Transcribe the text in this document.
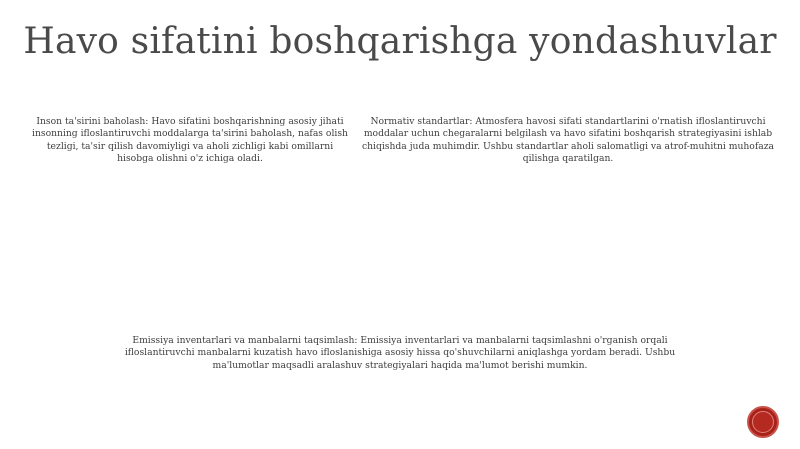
Havo sifatini boshqarishga yondashuvlar

Inson ta'sirini baholash: Havo sifatini boshqarishning asosiy jihati insonning ifloslantiruvchi moddalarga ta'sirini baholash, nafas olish tezligi, ta'sir qilish davomiyligi va aholi zichligi kabi omillarni hisobga olishni o'z ichiga oladi.

Normativ standartlar: Atmosfera havosi sifati standartlarini o'rnatish ifloslantiruvchi moddalar uchun chegaralarni belgilash va havo sifatini boshqarish strategiyasini ishlab chiqishda juda muhimdir. Ushbu standartlar aholi salomatligi va atrof-muhitni muhofaza qilishga qaratilgan.

Emissiya inventarlari va manbalarni taqsimlash: Emissiya inventarlari va manbalarni taqsimlashni o'rganish orqali ifloslantiruvchi manbalarni kuzatish havo ifloslanishiga asosiy hissa qo'shuvchilarni aniqlashga yordam beradi. Ushbu ma'lumotlar maqsadli aralashuv strategiyalari haqida ma'lumot berishi mumkin.
